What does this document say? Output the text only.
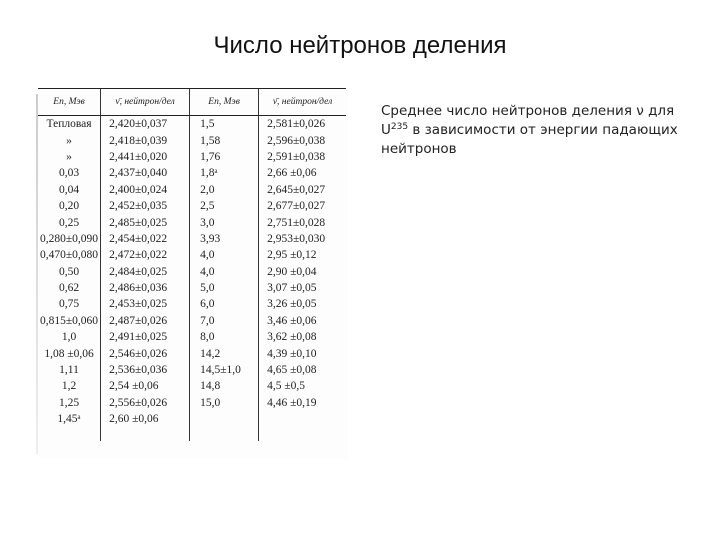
Число нейтронов деления
Eп, Мэв	ν̄, нейтрон/дел	Eп, Мэв	ν̄, нейтрон/дел
Тепловая	2,420±0,037	1,5	2,581±0,026
»	2,418±0,039	1,58	2,596±0,038
»	2,441±0,020	1,76	2,591±0,038
0,03	2,437±0,040	1,8ᵃ	2,66 ±0,06
0,04	2,400±0,024	2,0	2,645±0,027
0,20	2,452±0,035	2,5	2,677±0,027
0,25	2,485±0,025	3,0	2,751±0,028
0,280±0,090	2,454±0,022	3,93	2,953±0,030
0,470±0,080	2,472±0,022	4,0	2,95 ±0,12
0,50	2,484±0,025	4,0	2,90 ±0,04
0,62	2,486±0,036	5,0	3,07 ±0,05
0,75	2,453±0,025	6,0	3,26 ±0,05
0,815±0,060	2,487±0,026	7,0	3,46 ±0,06
1,0	2,491±0,025	8,0	3,62 ±0,08
1,08 ±0,06	2,546±0,026	14,2	4,39 ±0,10
1,11	2,536±0,036	14,5±1,0	4,65 ±0,08
1,2	2,54 ±0,06	14,8	4,5 ±0,5
1,25	2,556±0,026	15,0	4,46 ±0,19
1,45ᵃ	2,60 ±0,06		
Среднее число нейтронов деления ν для $U^{235}$ в зависимости от энергии падающих нейтронов
